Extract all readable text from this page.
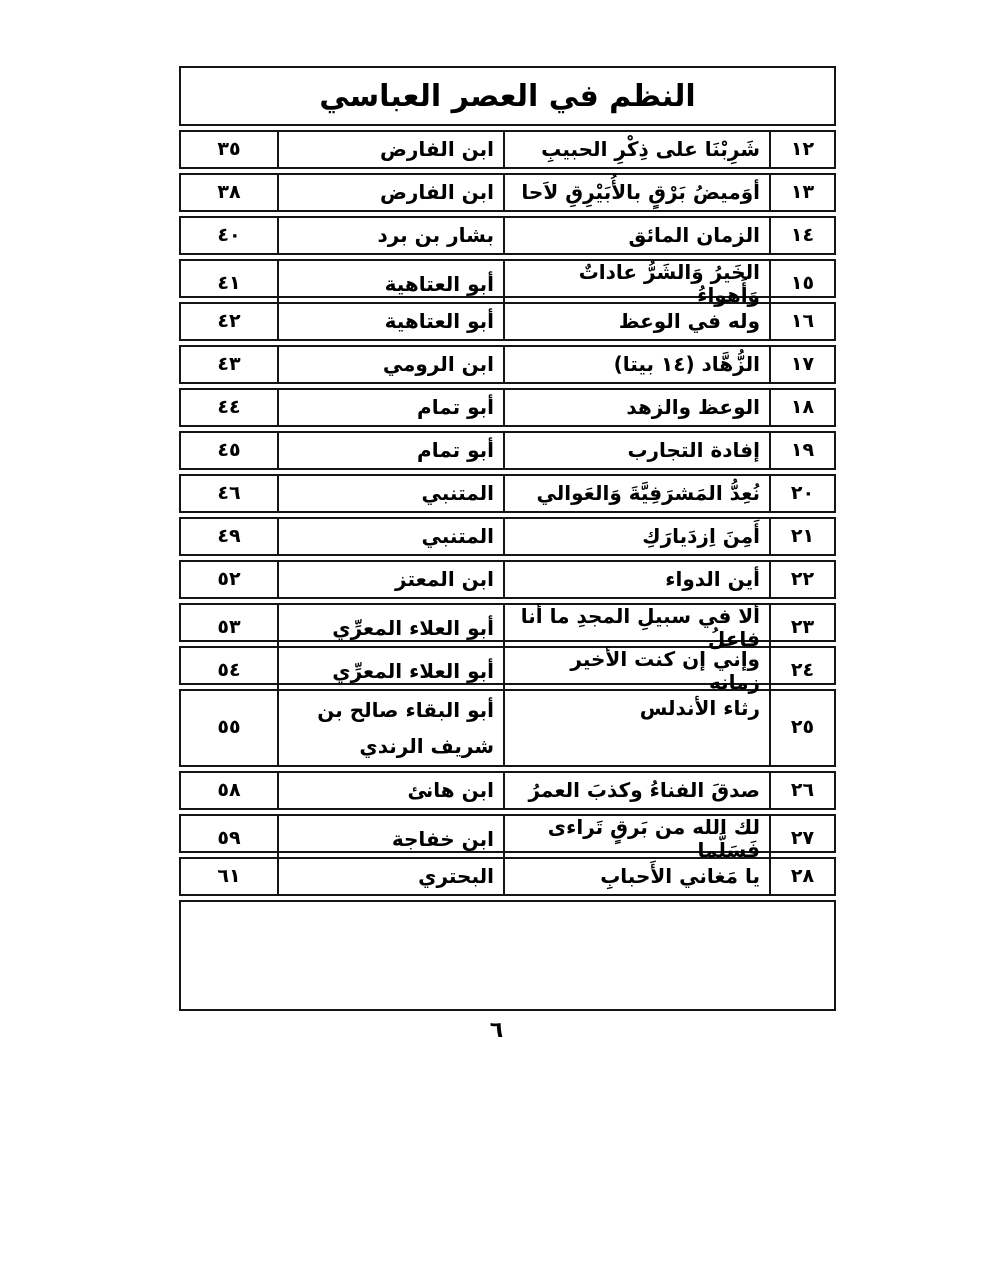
النظم في العصر العباسي
١٢
شَرِبْنَا على ذِكْرِ الحبيبِ
ابن الفارض
٣٥
١٣
أوَميضُ بَرْقٍ بالأُبَيْرِقِ لاَحا
ابن الفارض
٣٨
١٤
الزمان المائق
بشار بن برد
٤٠
١٥
الخَيرُ وَالشَرُّ عاداتٌ وَأَهواءُ
أبو العتاهية
٤١
١٦
وله في الوعظ
أبو العتاهية
٤٢
١٧
الزُّهَّاد (١٤ بيتا)
ابن الرومي
٤٣
١٨
الوعظ والزهد
أبو تمام
٤٤
١٩
إفادة التجارب
أبو تمام
٤٥
٢٠
نُعِدُّ المَشرَفِيَّةَ وَالعَوالي
المتنبي
٤٦
٢١
أَمِنَ اِزدَيارَكِ
المتنبي
٤٩
٢٢
أين الدواء
ابن المعتز
٥٢
٢٣
ألا في سبيلِ المجدِ ما أنا فاعلُ
أبو العلاء المعرِّي
٥٣
٢٤
وإني إن كنت الأخير زمانه
أبو العلاء المعرِّي
٥٤
٢٥
رثاء الأندلس
أبو البقاء صالح بن شريف الرندي
٥٥
٢٦
صدقَ الفناءُ وكذبَ العمرُ
ابن هانئ
٥٨
٢٧
لك الله من بَرقٍ تَراءى فَسَلَّما
ابن خفاجة
٥٩
٢٨
يا مَغاني الأَحبابِ
البحتري
٦١
٦
